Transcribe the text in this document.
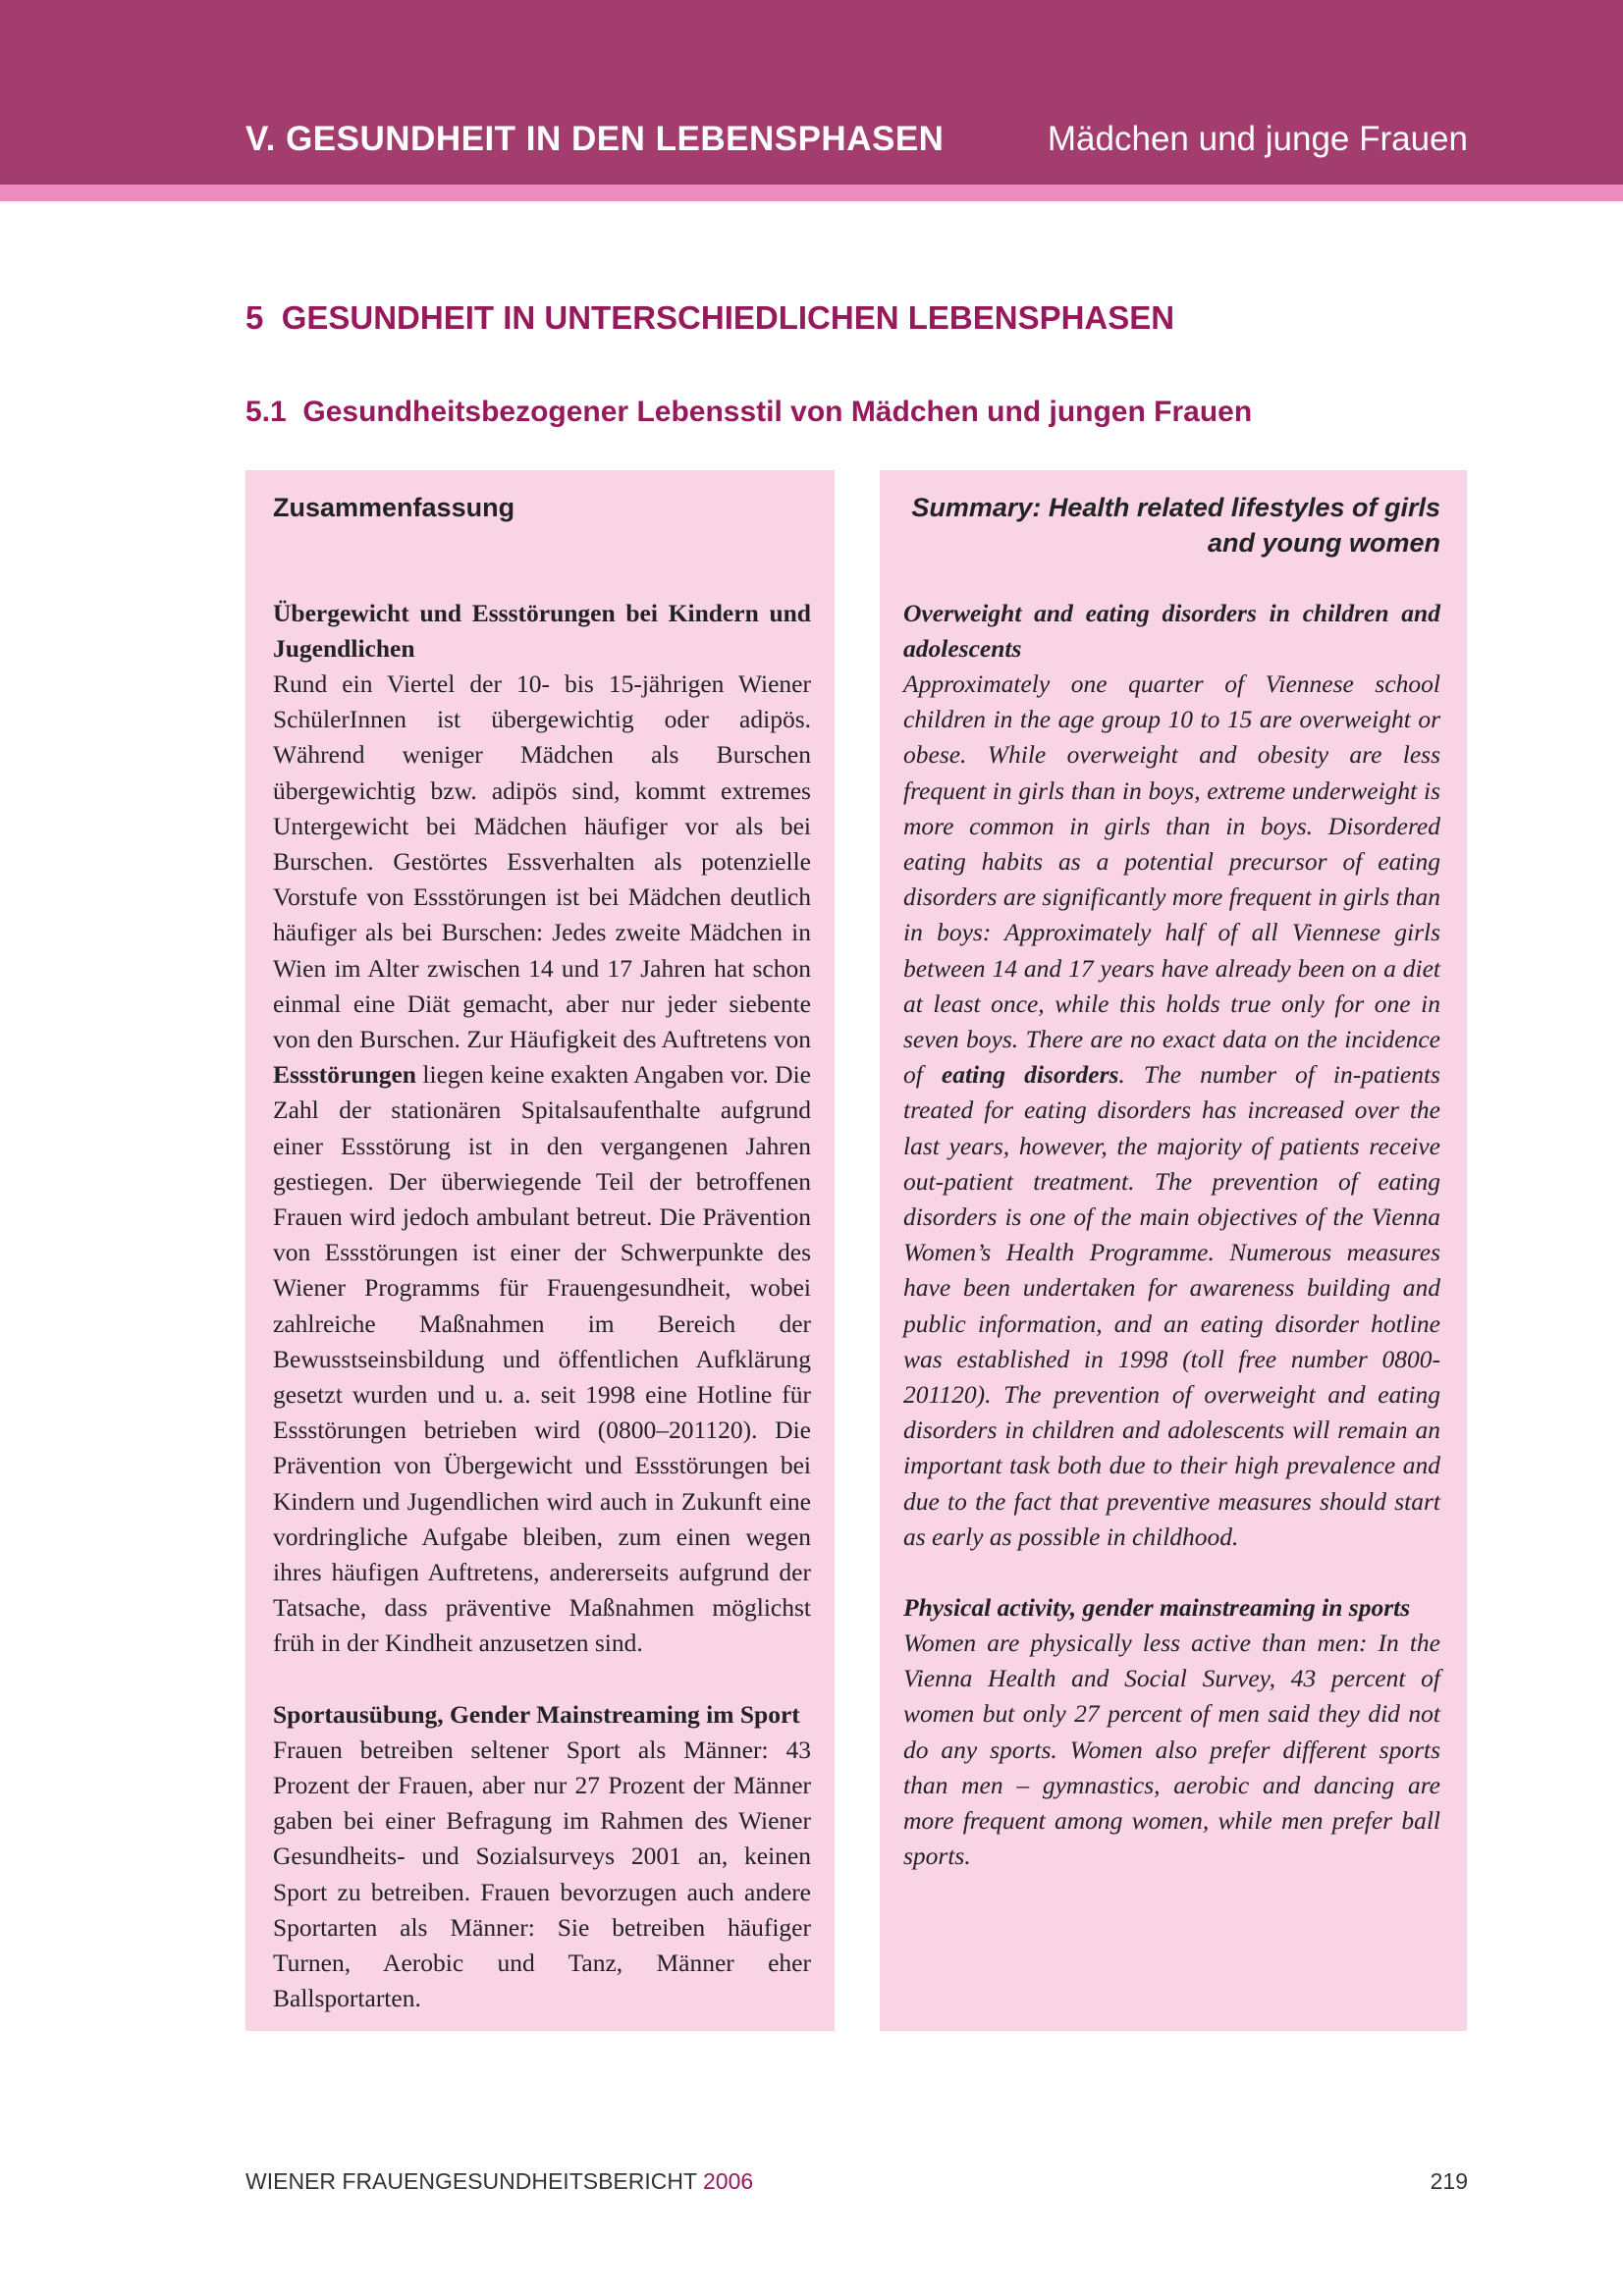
V. GESUNDHEIT IN DEN LEBENSPHASEN	Mädchen und junge Frauen
5  GESUNDHEIT IN UNTERSCHIEDLICHEN LEBENSPHASEN
5.1  Gesundheitsbezogener Lebensstil von Mädchen und jungen Frauen

Zusammenfassung

Übergewicht und Essstörungen bei Kindern und Jugendlichen

Rund ein Viertel der 10- bis 15-jährigen Wiener SchülerInnen ist übergewichtig oder adipös. Während weniger Mädchen als Burschen übergewichtig bzw. adipös sind, kommt extremes Untergewicht bei Mädchen häufiger vor als bei Burschen. Gestörtes Essverhalten als potenzielle Vorstufe von Essstörungen ist bei Mädchen deutlich häufiger als bei Burschen: Jedes zweite Mädchen in Wien im Alter zwischen 14 und 17 Jahren hat schon einmal eine Diät gemacht, aber nur jeder siebente von den Burschen. Zur Häufigkeit des Auftretens von Essstörungen liegen keine exakten Angaben vor. Die Zahl der stationären Spitalsaufenthalte aufgrund einer Essstörung ist in den vergangenen Jahren gestiegen. Der überwiegende Teil der betroffenen Frauen wird jedoch ambulant betreut. Die Prävention von Essstörungen ist einer der Schwerpunkte des Wiener Programms für Frauengesundheit, wobei zahlreiche Maßnahmen im Bereich der Bewusstseinsbildung und öffentlichen Aufklärung gesetzt wurden und u. a. seit 1998 eine Hotline für Essstörungen betrieben wird (0800–201120). Die Prävention von Übergewicht und Essstörungen bei Kindern und Jugendlichen wird auch in Zukunft eine vordringliche Aufgabe bleiben, zum einen wegen ihres häufigen Auftretens, andererseits aufgrund der Tatsache, dass präventive Maßnahmen möglichst früh in der Kindheit anzusetzen sind.

Sportausübung, Gender Mainstreaming im Sport

Frauen betreiben seltener Sport als Männer: 43 Prozent der Frauen, aber nur 27 Prozent der Männer gaben bei einer Befragung im Rahmen des Wiener Gesundheits- und Sozialsurveys 2001 an, keinen Sport zu betreiben. Frauen bevorzugen auch andere Sportarten als Männer: Sie betreiben häufiger Turnen, Aerobic und Tanz, Männer eher Ballsportarten.

Summary: Health related lifestyles of girls and young women

Overweight and eating disorders in children and adolescents

Approximately one quarter of Viennese school children in the age group 10 to 15 are overweight or obese. While overweight and obesity are less frequent in girls than in boys, extreme underweight is more common in girls than in boys. Disordered eating habits as a potential precursor of eating disorders are significantly more frequent in girls than in boys: Approximately half of all Viennese girls between 14 and 17 years have already been on a diet at least once, while this holds true only for one in seven boys. There are no exact data on the incidence of eating disorders. The number of in-patients treated for eating disorders has increased over the last years, however, the majority of patients receive out-patient treatment. The prevention of eating disorders is one of the main objectives of the Vienna Women’s Health Programme. Numerous measures have been undertaken for awareness building and public information, and an eating disorder hotline was established in 1998 (toll free number 0800-201120). The prevention of overweight and eating disorders in children and adolescents will remain an important task both due to their high prevalence and due to the fact that preventive measures should start as early as possible in childhood.

Physical activity, gender mainstreaming in sports

Women are physically less active than men: In the Vienna Health and Social Survey, 43 percent of women but only 27 percent of men said they did not do any sports. Women also prefer different sports than men – gymnastics, aerobic and dancing are more frequent among women, while men prefer ball sports.

WIENER FRAUENGESUNDHEITSBERICHT 2006	219
